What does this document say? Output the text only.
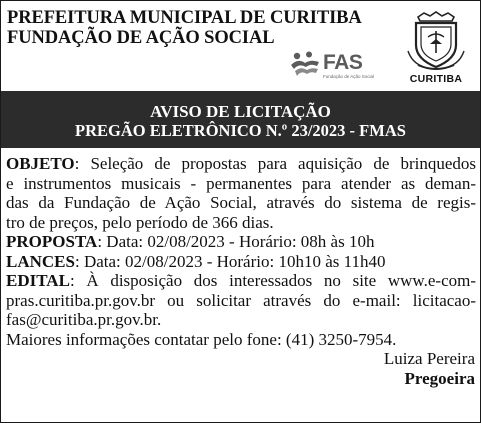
PREFEITURA MUNICIPAL DE CURITIBA
FUNDAÇÃO DE AÇÃO SOCIAL
FAS
Fundação de Ação Social	CURITIBA
AVISO DE LICITAÇÃO
PREGÃO ELETRÔNICO N.º 23/2023 - FMAS
OBJETO: Seleção de propostas para aquisição de brinquedos
e instrumentos musicais - permanentes para atender as deman-
das da Fundação de Ação Social, através do sistema de regis-
tro de preços, pelo período de 366 dias.
PROPOSTA: Data: 02/08/2023 - Horário: 08h às 10h
LANCES: Data: 02/08/2023 - Horário: 10h10 às 11h40
EDITAL: À disposição dos interessados no site www.e-com-
pras.curitiba.pr.gov.br ou solicitar através do e-mail: licitacao-
fas@curitiba.pr.gov.br.
Maiores informações contatar pelo fone: (41) 3250-7954.
Luiza Pereira
Pregoeira
